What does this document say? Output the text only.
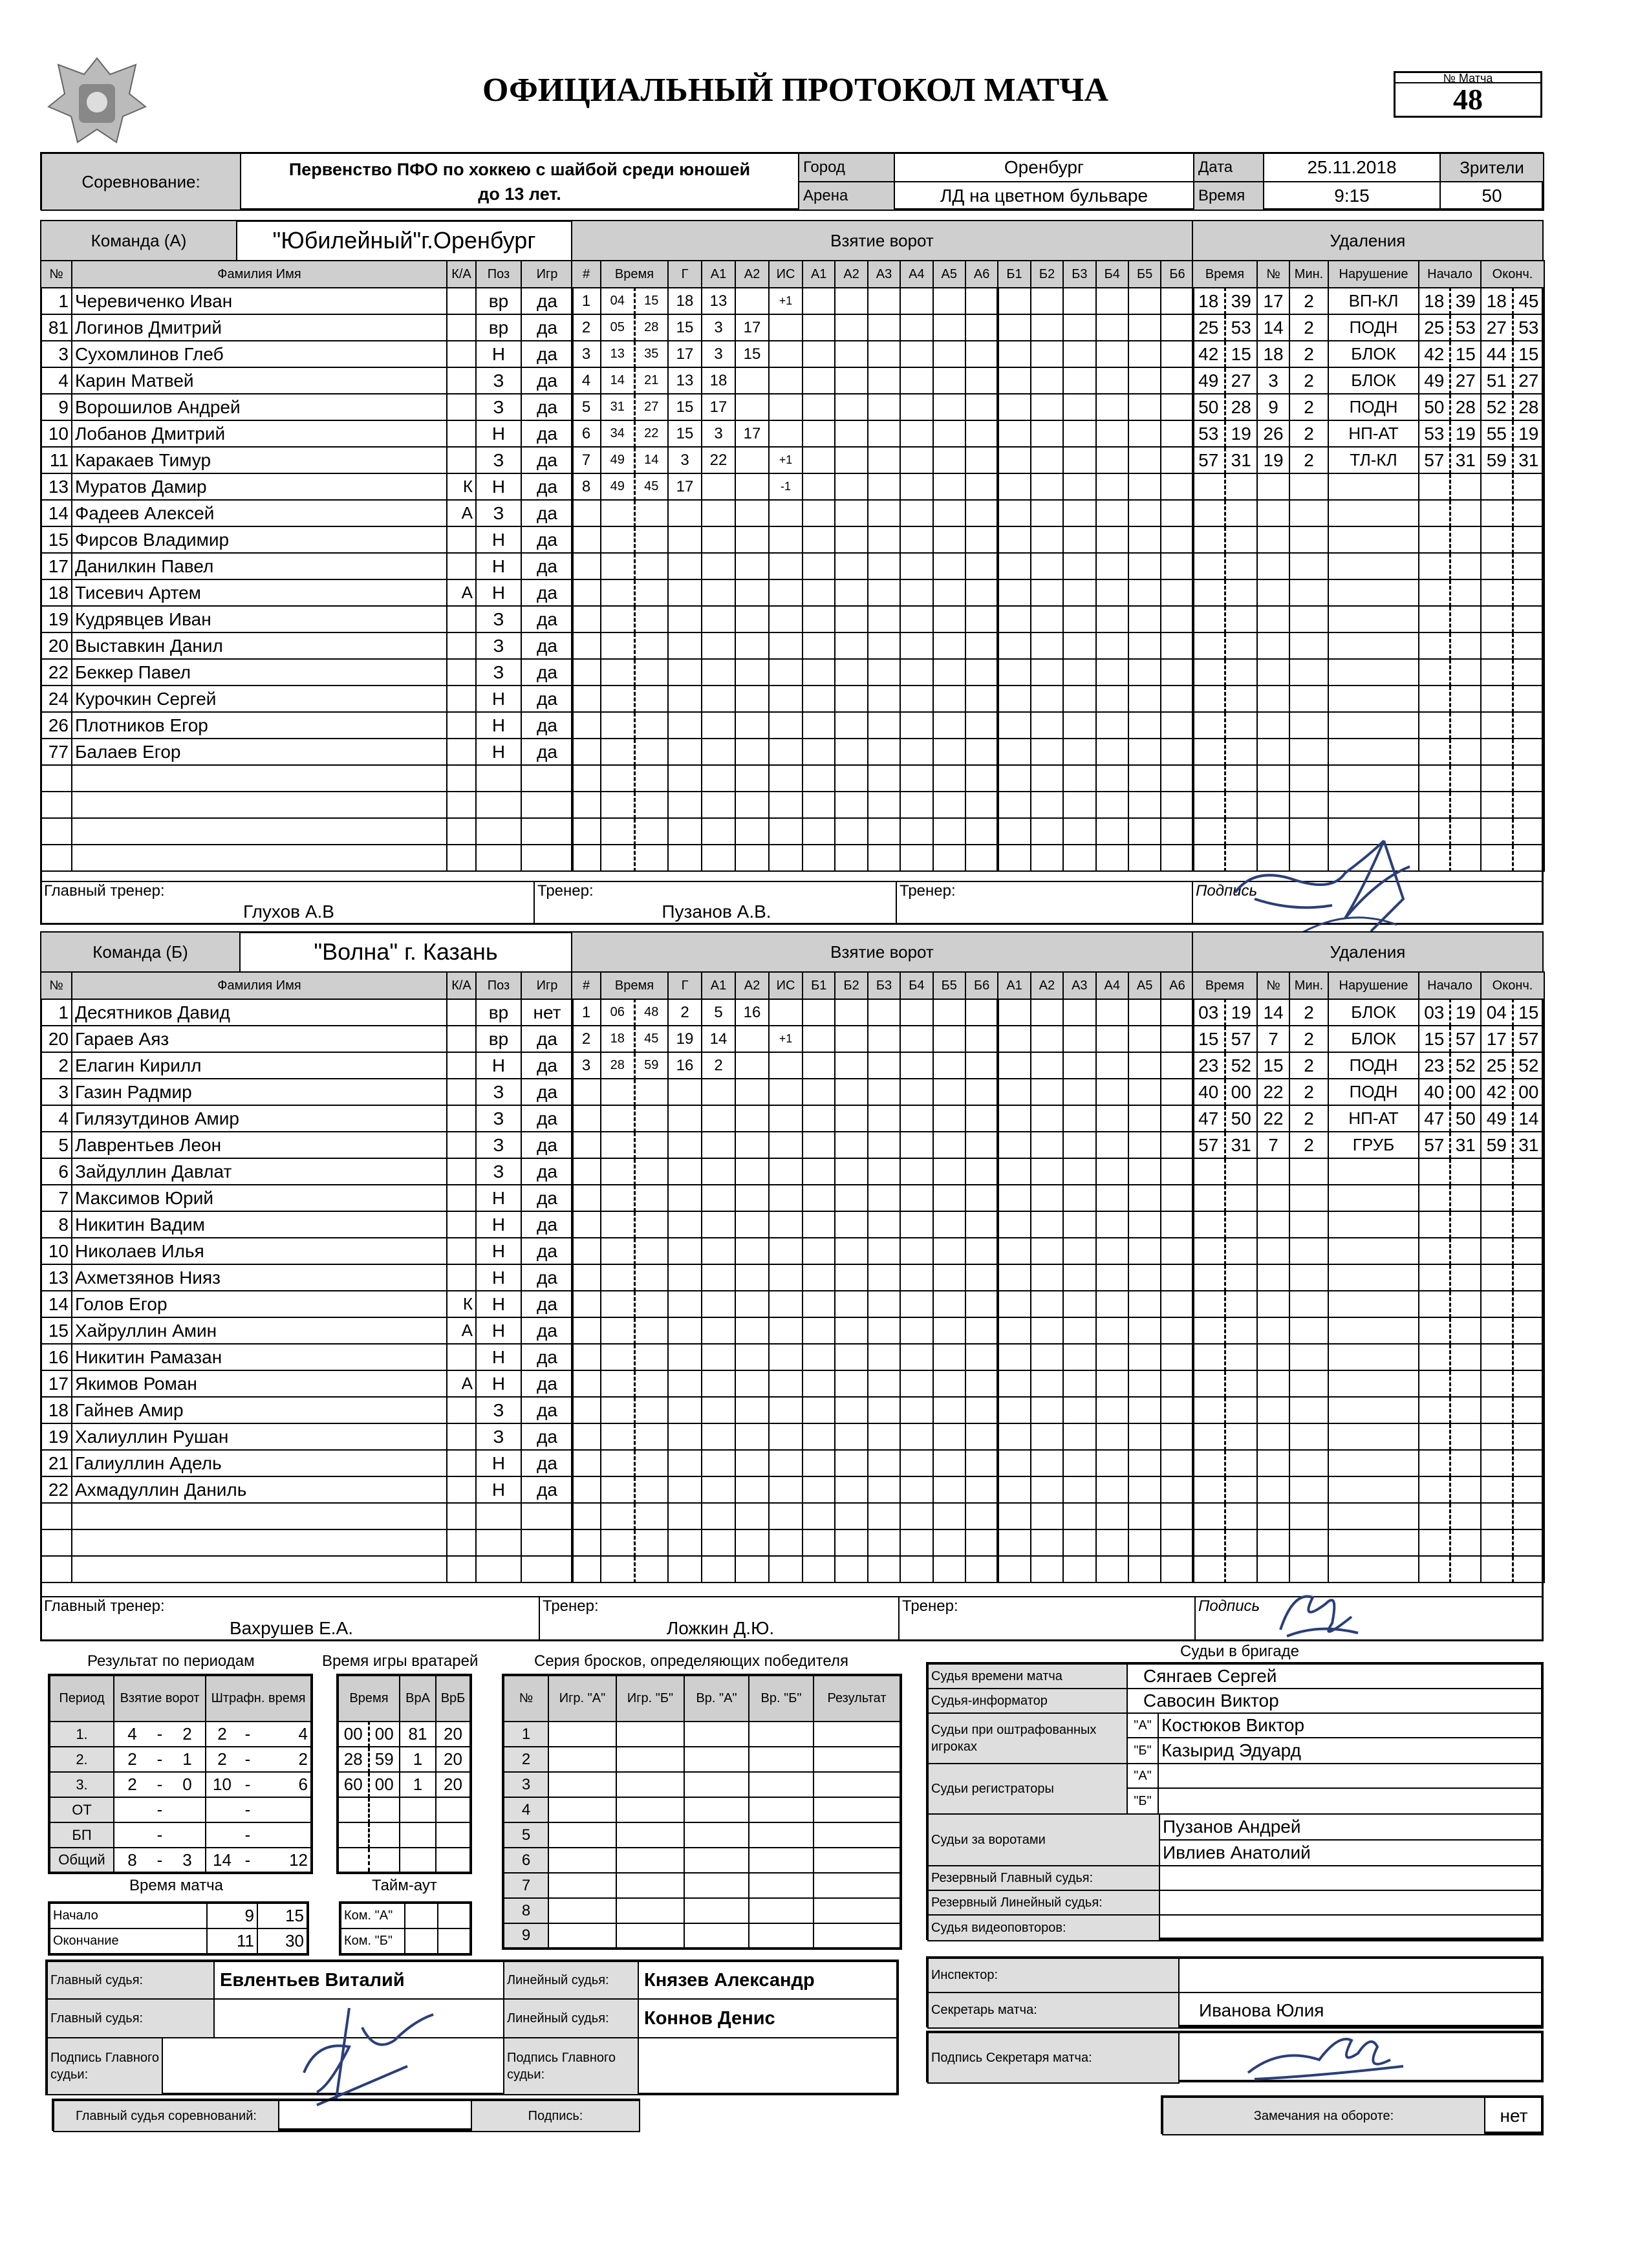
ОФИЦИАЛЬНЫЙ ПРОТОКОЛ МАТЧА	№ Матча
48
Соревнование:
Первенство ПФО по хоккею с шайбой среди юношей
до 13 лет.
Город	Оренбург
Арена	ЛД на цветном бульваре
Дата	25.11.2018
Время	9:15
Зрители
50
Команда (А)	"Юбилейный"г.Оренбург	Взятие ворот	Удаления
№	Фамилия Имя	К/А	Поз	Игр
1	Черевиченко Иван		вр	да
81	Логинов Дмитрий		вр	да
3	Сухомлинов Глеб		Н	да
4	Карин Матвей		З	да
9	Ворошилов Андрей		З	да
10	Лобанов Дмитрий		Н	да
11	Каракаев Тимур		З	да
13	Муратов Дамир	К	Н	да
14	Фадеев Алексей	А	З	да
15	Фирсов Владимир		Н	да
17	Данилкин Павел		Н	да
18	Тисевич Артем	А	Н	да
19	Кудрявцев Иван		З	да
20	Выставкин Данил		З	да
22	Беккер Павел		З	да
24	Курочкин Сергей		Н	да
26	Плотников Егор		Н	да
77	Балаев Егор		Н	да

#	Время		Г	А1	А2	ИС	А1	А2	А3	А4	А5	А6	Б1	Б2	Б3	Б4	Б5	Б6
1	04	15	18	13		+1												
2	05	28	15	3	17													
3	13	35	17	3	15													
4	14	21	13	18														
5	31	27	15	17														
6	34	22	15	3	17													
7	49	14	3	22		+1												
8	49	45	17			-1												

Время		№	Мин.	Нарушение	Начало		Оконч.	
18	39	17	2	ВП-КЛ	18	39	18	45
25	53	14	2	ПОДН	25	53	27	53
42	15	18	2	БЛОК	42	15	44	15
49	27	3	2	БЛОК	49	27	51	27
50	28	9	2	ПОДН	50	28	52	28
53	19	26	2	НП-АТ	53	19	55	19
57	31	19	2	ТЛ-КЛ	57	31	59	31

Главный тренер:
Глухов А.В
Тренер:
Пузанов А.В.
Тренер:	Подпись
Команда (Б)	"Волна" г. Казань	Взятие ворот	Удаления
№	Фамилия Имя	К/А	Поз	Игр
1	Десятников Давид		вр	нет
20	Гараев Аяз		вр	да
2	Елагин Кирилл		Н	да
3	Газин Радмир		З	да
4	Гилязутдинов Амир		З	да
5	Лаврентьев Леон		З	да
6	Зайдуллин Давлат		З	да
7	Максимов Юрий		Н	да
8	Никитин Вадим		Н	да
10	Николаев Илья		Н	да
13	Ахметзянов Нияз		Н	да
14	Голов Егор	К	Н	да
15	Хайруллин Амин	А	Н	да
16	Никитин Рамазан		Н	да
17	Якимов Роман	А	Н	да
18	Гайнев Амир		З	да
19	Халиуллин Рушан		З	да
21	Галиуллин Адель		Н	да
22	Ахмадуллин Даниль		Н	да

#	Время		Г	А1	А2	ИС	Б1	Б2	Б3	Б4	Б5	Б6	А1	А2	А3	А4	А5	А6
1	06	48	2	5	16													
2	18	45	19	14		+1												
3	28	59	16	2														

Время		№	Мин.	Нарушение	Начало		Оконч.	
03	19	14	2	БЛОК	03	19	04	15
15	57	7	2	БЛОК	15	57	17	57
23	52	15	2	ПОДН	23	52	25	52
40	00	22	2	ПОДН	40	00	42	00
47	50	22	2	НП-АТ	47	50	49	14
57	31	7	2	ГРУБ	57	31	59	31

Главный тренер:
Вахрушев Е.А.
Тренер:
Ложкин Д.Ю.
Тренер:	Подпись
Результат по периодам
Период	Взятие ворот			Штрафн. время		
1.	4	-	2	2	-	4
2.	2	-	1	2	-	2
3.	2	-	0	10	-	6
ОТ		-			-	
БП		-			-	
Общий	8	-	3	14	-	12
Время игры вратарей
Время		ВрА	ВрБ
00	00	81	20
28	59	1	20
60	00	1	20

Серия бросков, определяющих победителя
№	Игр. "А"	Игр. "Б"	Вр. "А"	Вр. "Б"	Результат
1					
2					
3					
4					
5					
6					
7					
8					
9					
Время матча
Начало	9	15
Окончание	11	30
Тайм-аут
Ком. "А"		
Ком. "Б"		
Судьи в бригаде
Судья времени матча	Сянгаев Сергей
Судья-информатор	Савосин Виктор
Судьи при оштрафованных игроках
"А" Костюков Виктор
"Б" Казырид Эдуард
Судьи регистраторы
"А"
"Б"
Судьи за воротами
Пузанов Андрей
Ивлиев Анатолий
Резервный Главный судья:
Резервный Линейный судья:
Судья видеоповторов:
Инспектор:
Секретарь матча:	Иванова Юлия
Подпись Секретаря матча:
Замечания на обороте:	нет
Главный судья:	Евлентьев Виталий
Главный судья:
Линейный судья:	Князев Александр
Линейный судья:	Коннов Денис
Подпись Главного судьи:
Подпись Главного судьи:
Главный судья соревнований:	Подпись:
